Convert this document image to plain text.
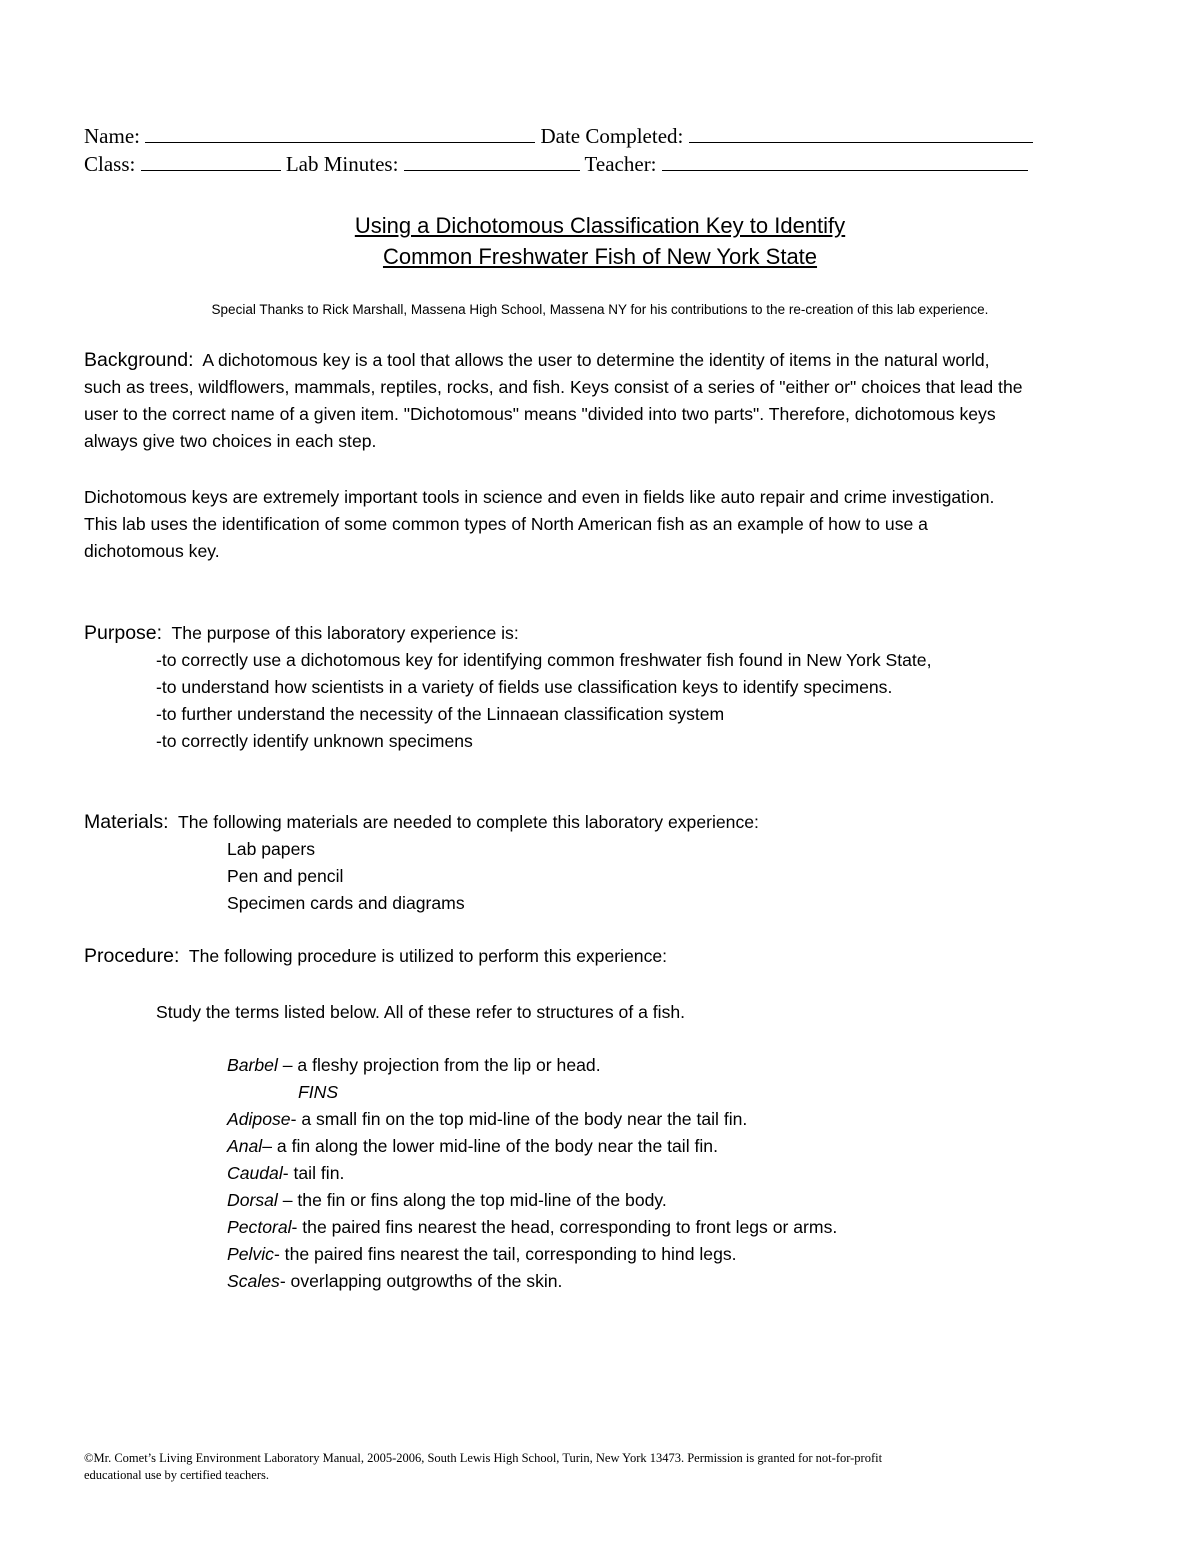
Name:	Date Completed:
Class:	Lab Minutes:	Teacher:
Using a Dichotomous Classification Key to Identify
Common Freshwater Fish of New York State
Special Thanks to Rick Marshall, Massena High School, Massena NY for his contributions to the re-creation of this lab experience.
Background: A dichotomous key is a tool that allows the user to determine the identity of items in the natural world,
such as trees, wildflowers, mammals, reptiles, rocks, and fish. Keys consist of a series of "either or" choices that lead the
user to the correct name of a given item. "Dichotomous" means "divided into two parts". Therefore, dichotomous keys
always give two choices in each step.
Dichotomous keys are extremely important tools in science and even in fields like auto repair and crime investigation.
This lab uses the identification of some common types of North American fish as an example of how to use a
dichotomous key.
Purpose: The purpose of this laboratory experience is:
-to correctly use a dichotomous key for identifying common freshwater fish found in New York State,
-to understand how scientists in a variety of fields use classification keys to identify specimens.
-to further understand the necessity of the Linnaean classification system
-to correctly identify unknown specimens
Materials: The following materials are needed to complete this laboratory experience:
Lab papers
Pen and pencil
Specimen cards and diagrams
Procedure: The following procedure is utilized to perform this experience:
Study the terms listed below. All of these refer to structures of a fish.
Barbel – a fleshy projection from the lip or head.
FINS
Adipose- a small fin on the top mid-line of the body near the tail fin.
Anal– a fin along the lower mid-line of the body near the tail fin.
Caudal- tail fin.
Dorsal – the fin or fins along the top mid-line of the body.
Pectoral- the paired fins nearest the head, corresponding to front legs or arms.
Pelvic- the paired fins nearest the tail, corresponding to hind legs.
Scales- overlapping outgrowths of the skin.
©Mr. Comet’s Living Environment Laboratory Manual, 2005-2006, South Lewis High School, Turin, New York 13473. Permission is granted for not-for-profit
educational use by certified teachers.
